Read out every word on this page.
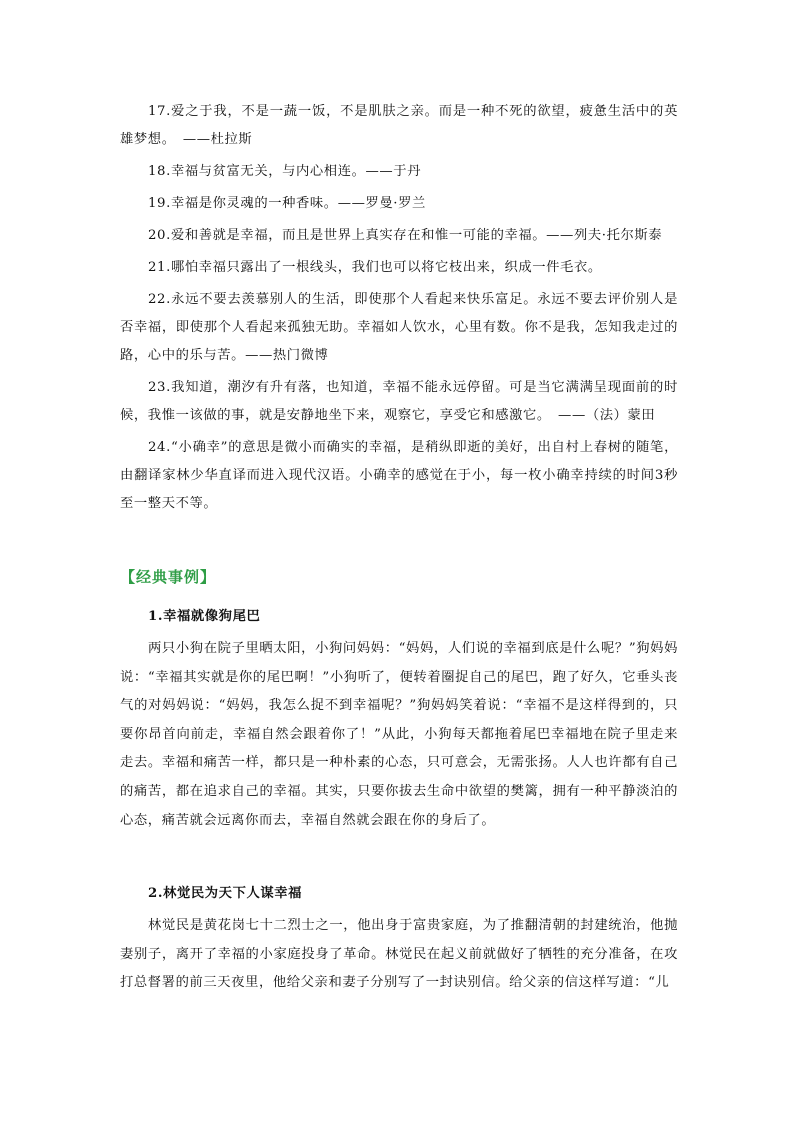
17.爱之于我，不是一蔬一饭，不是肌肤之亲。而是一种不死的欲望，疲惫生活中的英雄梦想。　——杜拉斯

18.幸福与贫富无关，与内心相连。——于丹

19.幸福是你灵魂的一种香味。——罗曼·罗兰

20.爱和善就是幸福，而且是世界上真实存在和惟一可能的幸福。——列夫·托尔斯泰

21.哪怕幸福只露出了一根线头，我们也可以将它枝出来，织成一件毛衣。

22.永远不要去羡慕别人的生活，即使那个人看起来快乐富足。永远不要去评价别人是否幸福，即使那个人看起来孤独无助。幸福如人饮水，心里有数。你不是我，怎知我走过的路，心中的乐与苦。——热门微博

23.我知道，潮汐有升有落，也知道，幸福不能永远停留。可是当它满满呈现面前的时候，我惟一该做的事，就是安静地坐下来，观察它，享受它和感激它。　——（法）蒙田

24.“小确幸”的意思是微小而确实的幸福，是稍纵即逝的美好，出自村上春树的随笔，由翻译家林少华直译而进入现代汉语。小确幸的感觉在于小，每一枚小确幸持续的时间3秒至一整天不等。

【经典事例】

1.幸福就像狗尾巴

两只小狗在院子里晒太阳，小狗问妈妈：“妈妈，人们说的幸福到底是什么呢？”狗妈妈说：“幸福其实就是你的尾巴啊！”小狗听了，便转着圈捉自己的尾巴，跑了好久，它垂头丧气的对妈妈说：“妈妈，我怎么捉不到幸福呢？”狗妈妈笑着说：“幸福不是这样得到的，只要你昂首向前走，幸福自然会跟着你了！”从此，小狗每天都拖着尾巴幸福地在院子里走来走去。幸福和痛苦一样，都只是一种朴素的心态，只可意会，无需张扬。人人也许都有自己的痛苦，都在追求自己的幸福。其实，只要你拔去生命中欲望的樊篱，拥有一种平静淡泊的心态，痛苦就会远离你而去，幸福自然就会跟在你的身后了。

2.林觉民为天下人谋幸福

林觉民是黄花岗七十二烈士之一，他出身于富贵家庭，为了推翻清朝的封建统治，他抛妻别子，离开了幸福的小家庭投身了革命。林觉民在起义前就做好了牺牲的充分准备，在攻打总督署的前三天夜里，他给父亲和妻子分别写了一封诀别信。给父亲的信这样写道：“儿
